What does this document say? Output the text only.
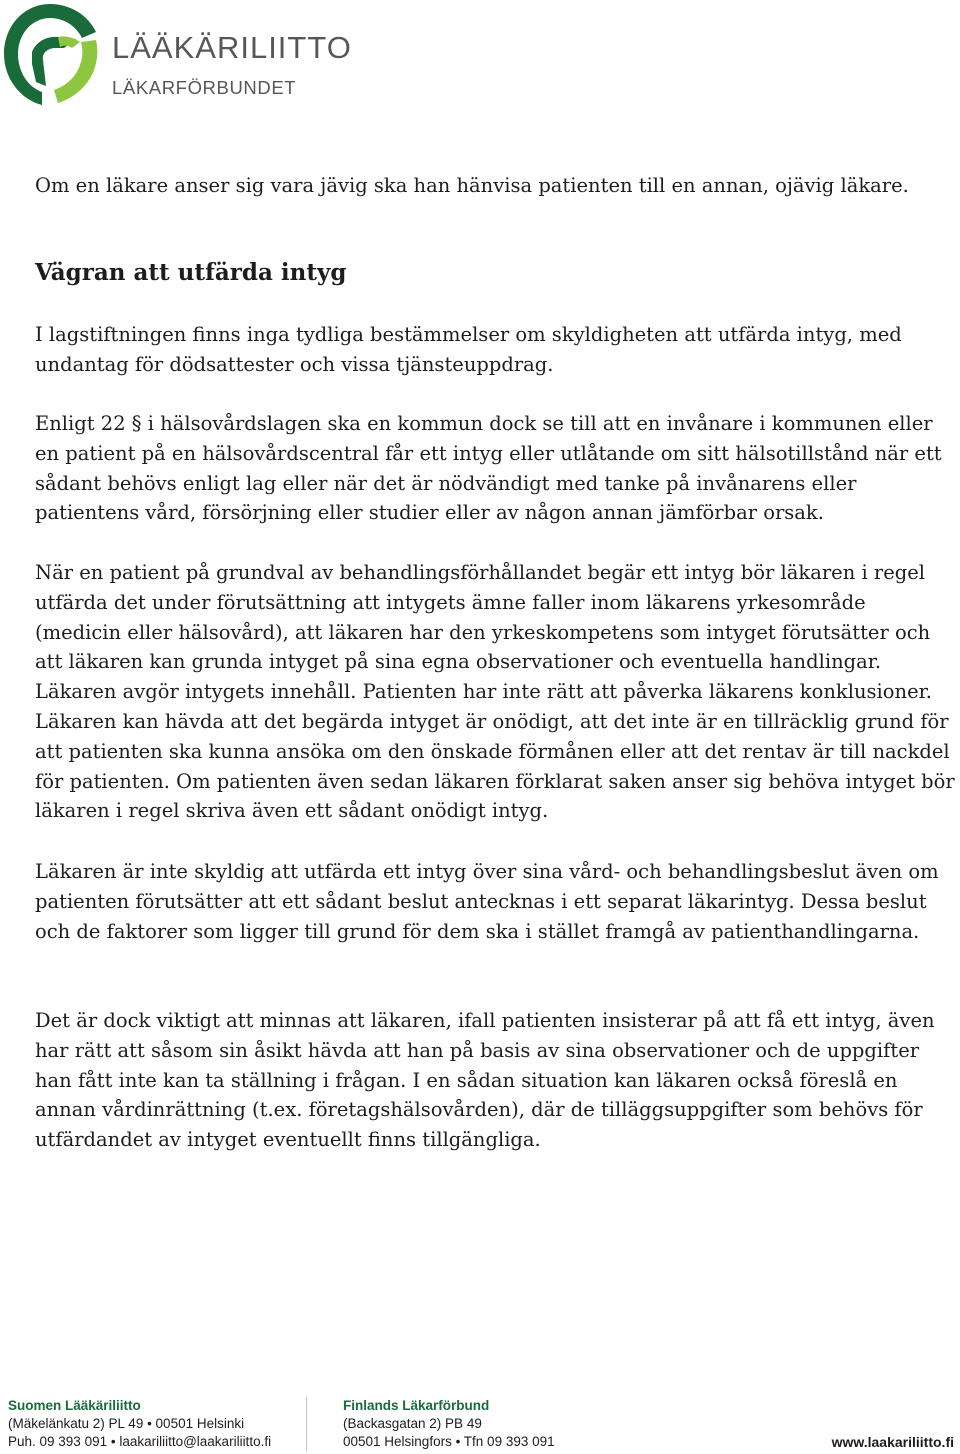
LÄÄKÄRILIITTO
LÄKARFÖRBUNDET

Om en läkare anser sig vara jävig ska han hänvisa patienten till en annan, ojävig läkare.

Vägran att utfärda intyg

I lagstiftningen finns inga tydliga bestämmelser om skyldigheten att utfärda intyg, med undantag för dödsattester och vissa tjänsteuppdrag.

Enligt 22 § i hälsovårdslagen ska en kommun dock se till att en invånare i kommunen eller en patient på en hälsovårdscentral får ett intyg eller utlåtande om sitt hälsotillstånd när ett sådant behövs enligt lag eller när det är nödvändigt med tanke på invånarens eller patientens vård, försörjning eller studier eller av någon annan jämförbar orsak.

När en patient på grundval av behandlingsförhållandet begär ett intyg bör läkaren i regel utfärda det under förutsättning att intygets ämne faller inom läkarens yrkesområde (medicin eller hälsovård), att läkaren har den yrkeskompetens som intyget förutsätter och att läkaren kan grunda intyget på sina egna observationer och eventuella handlingar. Läkaren avgör intygets innehåll. Patienten har inte rätt att påverka läkarens konklusioner. Läkaren kan hävda att det begärda intyget är onödigt, att det inte är en tillräcklig grund för att patienten ska kunna ansöka om den önskade förmånen eller att det rentav är till nackdel för patienten. Om patienten även sedan läkaren förklarat saken anser sig behöva intyget bör läkaren i regel skriva även ett sådant onödigt intyg.

Läkaren är inte skyldig att utfärda ett intyg över sina vård- och behandlingsbeslut även om patienten förutsätter att ett sådant beslut antecknas i ett separat läkarintyg. Dessa beslut och de faktorer som ligger till grund för dem ska i stället framgå av patienthandlingarna.

Det är dock viktigt att minnas att läkaren, ifall patienten insisterar på att få ett intyg, även har rätt att såsom sin åsikt hävda att han på basis av sina observationer och de uppgifter han fått inte kan ta ställning i frågan. I en sådan situation kan läkaren också föreslå en annan vårdinrättning (t.ex. företagshälsovården), där de tilläggsuppgifter som behövs för utfärdandet av intyget eventuellt finns tillgängliga.

Suomen Lääkäriliitto
(Mäkelänkatu 2) PL 49 • 00501 Helsinki
Puh. 09 393 091 • laakariliitto@laakariliitto.fi
Finlands Läkarförbund
(Backasgatan 2) PB 49
00501 Helsingfors • Tfn 09 393 091	www.laakariliitto.fi
